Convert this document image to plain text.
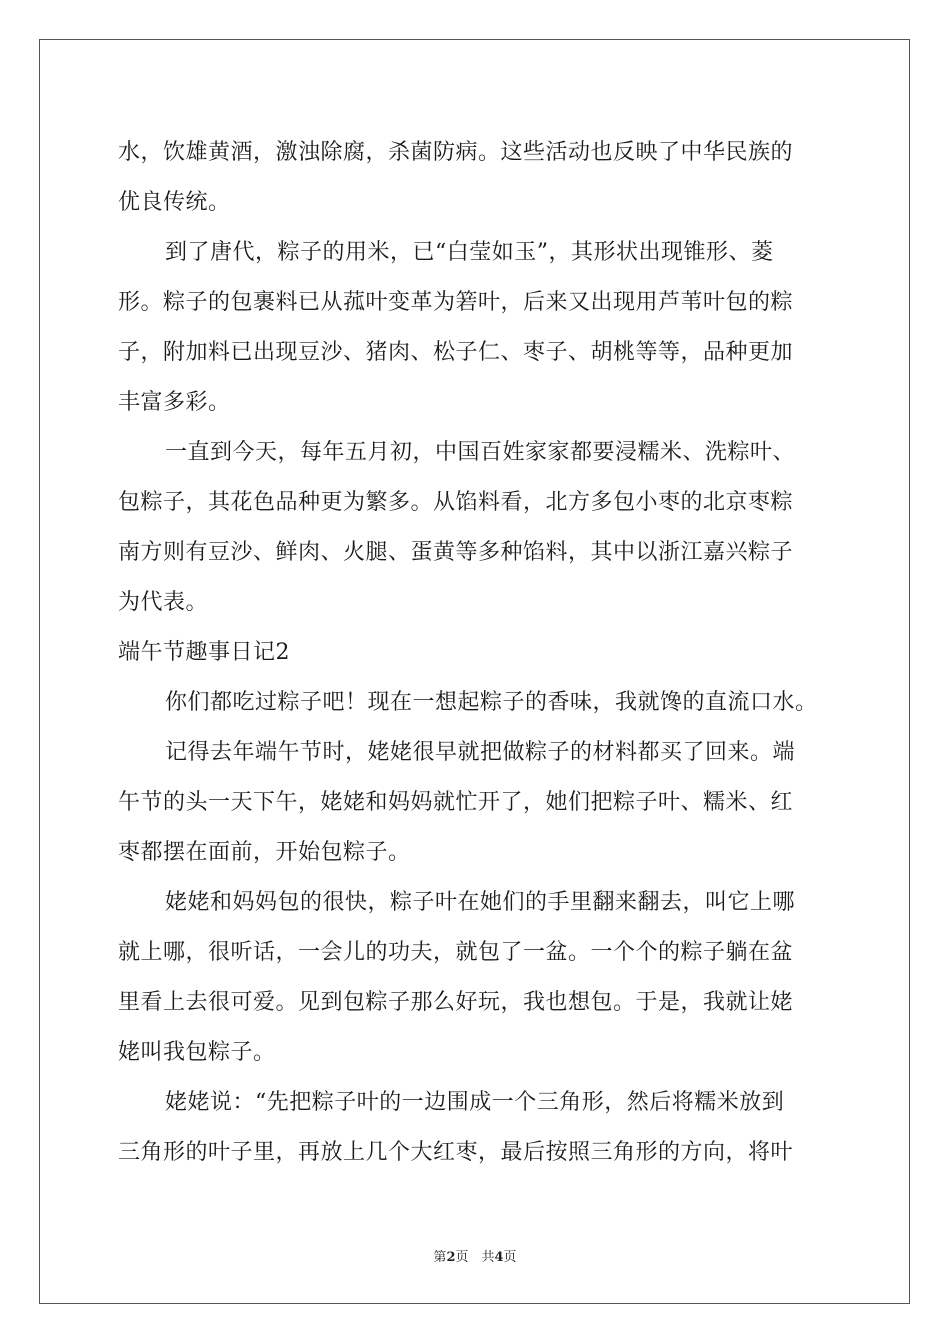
水，饮雄黄酒，激浊除腐，杀菌防病。这些活动也反映了中华民族的
优良传统。
到了唐代，粽子的用米，已“白莹如玉”，其形状出现锥形、菱
形。粽子的包裹料已从菰叶变革为箬叶，后来又出现用芦苇叶包的粽
子，附加料已出现豆沙、猪肉、松子仁、枣子、胡桃等等，品种更加
丰富多彩。
一直到今天，每年五月初，中国百姓家家都要浸糯米、洗粽叶、
包粽子，其花色品种更为繁多。从馅料看，北方多包小枣的北京枣粽
南方则有豆沙、鲜肉、火腿、蛋黄等多种馅料，其中以浙江嘉兴粽子
为代表。
端午节趣事日记2
你们都吃过粽子吧！现在一想起粽子的香味，我就馋的直流口水。
记得去年端午节时，姥姥很早就把做粽子的材料都买了回来。端
午节的头一天下午，姥姥和妈妈就忙开了，她们把粽子叶、糯米、红
枣都摆在面前，开始包粽子。
姥姥和妈妈包的很快，粽子叶在她们的手里翻来翻去，叫它上哪
就上哪，很听话，一会儿的功夫，就包了一盆。一个个的粽子躺在盆
里看上去很可爱。见到包粽子那么好玩，我也想包。于是，我就让姥
姥叫我包粽子。
姥姥说：“先把粽子叶的一边围成一个三角形，然后将糯米放到
三角形的叶子里，再放上几个大红枣，最后按照三角形的方向，将叶
第2页　共4页
